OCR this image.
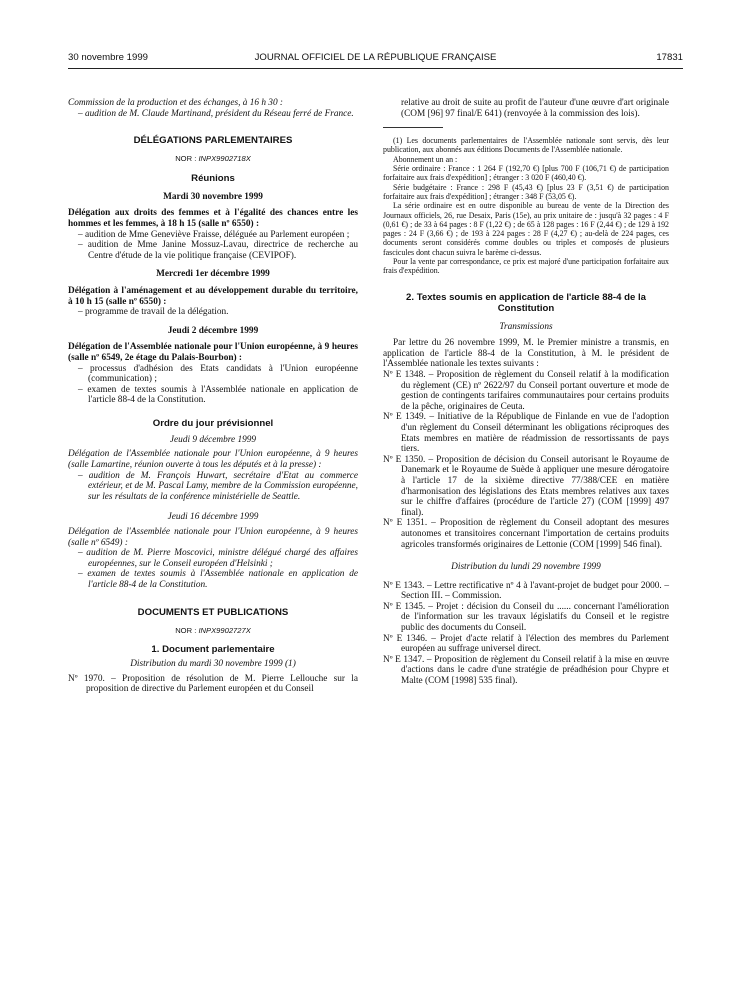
30 novembre 1999	JOURNAL OFFICIEL DE LA RÉPUBLIQUE FRANÇAISE	17831

Commission de la production et des échanges, à 16 h 30 :

– audition de M. Claude Martinand, président du Réseau ferré de France.

DÉLÉGATIONS PARLEMENTAIRES

NOR : INPX9902718X

Réunions

Mardi 30 novembre 1999

Délégation aux droits des femmes et à l'égalité des chances entre les hommes et les femmes, à 18 h 15 (salle nº 6550) :

– audition de Mme Geneviève Fraisse, déléguée au Parlement européen ;

– audition de Mme Janine Mossuz-Lavau, directrice de recherche au Centre d'étude de la vie politique française (CEVIPOF).

Mercredi 1er décembre 1999

Délégation à l'aménagement et au développement durable du territoire, à 10 h 15 (salle nº 6550) :

– programme de travail de la délégation.

Jeudi 2 décembre 1999

Délégation de l'Assemblée nationale pour l'Union européenne, à 9 heures (salle nº 6549, 2e étage du Palais-Bourbon) :

– processus d'adhésion des Etats candidats à l'Union européenne (communication) ;

– examen de textes soumis à l'Assemblée nationale en application de l'article 88-4 de la Constitution.

Ordre du jour prévisionnel

Jeudi 9 décembre 1999

Délégation de l'Assemblée nationale pour l'Union européenne, à 9 heures (salle Lamartine, réunion ouverte à tous les députés et à la presse) :

– audition de M. François Huwart, secrétaire d'Etat au commerce extérieur, et de M. Pascal Lamy, membre de la Commission européenne, sur les résultats de la conférence ministérielle de Seattle.

Jeudi 16 décembre 1999

Délégation de l'Assemblée nationale pour l'Union européenne, à 9 heures (salle nº 6549) :

– audition de M. Pierre Moscovici, ministre délégué chargé des affaires européennes, sur le Conseil européen d'Helsinki ;

– examen de textes soumis à l'Assemblée nationale en application de l'article 88-4 de la Constitution.

DOCUMENTS ET PUBLICATIONS

NOR : INPX9902727X

1. Document parlementaire

Distribution du mardi 30 novembre 1999 (1)

Nº 1970. – Proposition de résolution de M. Pierre Lellouche sur la proposition de directive du Parlement européen et du Conseil

relative au droit de suite au profit de l'auteur d'une œuvre d'art originale (COM [96] 97 final/E 641) (renvoyée à la commission des lois).

(1) Les documents parlementaires de l'Assemblée nationale sont servis, dès leur publication, aux abonnés aux éditions Documents de l'Assemblée nationale.

Abonnement un an :

Série ordinaire : France : 1 264 F (192,70 €) [plus 700 F (106,71 €) de participation forfaitaire aux frais d'expédition] ; étranger : 3 020 F (460,40 €).

Série budgétaire : France : 298 F (45,43 €) [plus 23 F (3,51 €) de participation forfaitaire aux frais d'expédition] ; étranger : 348 F (53,05 €).

La série ordinaire est en outre disponible au bureau de vente de la Direction des Journaux officiels, 26, rue Desaix, Paris (15e), au prix unitaire de : jusqu'à 32 pages : 4 F (0,61 €) ; de 33 à 64 pages : 8 F (1,22 €) ; de 65 à 128 pages : 16 F (2,44 €) ; de 129 à 192 pages : 24 F (3,66 €) ; de 193 à 224 pages : 28 F (4,27 €) ; au-delà de 224 pages, ces documents seront considérés comme doubles ou triples et composés de plusieurs fascicules dont chacun suivra le barème ci-dessus.

Pour la vente par correspondance, ce prix est majoré d'une participation forfaitaire aux frais d'expédition.

2. Textes soumis en application de l'article 88-4 de la Constitution

Transmissions

Par lettre du 26 novembre 1999, M. le Premier ministre a transmis, en application de l'article 88-4 de la Constitution, à M. le président de l'Assemblée nationale les textes suivants :

Nº E 1348. – Proposition de règlement du Conseil relatif à la modification du règlement (CE) nº 2622/97 du Conseil portant ouverture et mode de gestion de contingents tarifaires communautaires pour certains produits de la pêche, originaires de Ceuta.

Nº E 1349. – Initiative de la République de Finlande en vue de l'adoption d'un règlement du Conseil déterminant les obligations réciproques des Etats membres en matière de réadmission de ressortissants de pays tiers.

Nº E 1350. – Proposition de décision du Conseil autorisant le Royaume de Danemark et le Royaume de Suède à appliquer une mesure dérogatoire à l'article 17 de la sixième directive 77/388/CEE en matière d'harmonisation des législations des Etats membres relatives aux taxes sur le chiffre d'affaires (procédure de l'article 27) (COM [1999] 497 final).

Nº E 1351. – Proposition de règlement du Conseil adoptant des mesures autonomes et transitoires concernant l'importation de certains produits agricoles transformés originaires de Lettonie (COM [1999] 546 final).

Distribution du lundi 29 novembre 1999

Nº E 1343. – Lettre rectificative nº 4 à l'avant-projet de budget pour 2000. – Section III. – Commission.

Nº E 1345. – Projet : décision du Conseil du ...... concernant l'amélioration de l'information sur les travaux législatifs du Conseil et le registre public des documents du Conseil.

Nº E 1346. – Projet d'acte relatif à l'élection des membres du Parlement européen au suffrage universel direct.

Nº E 1347. – Proposition de règlement du Conseil relatif à la mise en œuvre d'actions dans le cadre d'une stratégie de préadhésion pour Chypre et Malte (COM [1998] 535 final).
